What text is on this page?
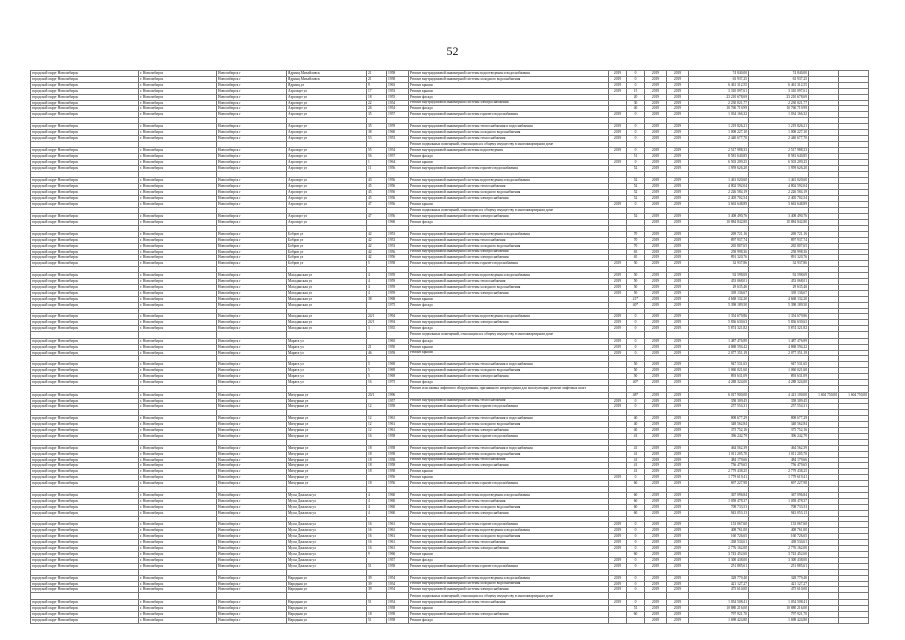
52
городской округ Новосибирск	г. Новосибирск	Новосибирск г	Ядринц.Михайловск	21	1958	Ремонт внутридомовой инженерной системы водоотведения и водоснабжения	2019	0	2019	2019	74 840,00	74 840,00		
городской округ Новосибирск	г. Новосибирск	Новосибирск г	Ядринц.Михайловск	21	1958	Ремонт внутридомовой инженерной системы холодного водоснабжения	2019	0	2019	2019	63 937,25	63 937,25		
городской округ Новосибирск	г. Новосибирск	Новосибирск г	Ядринц.ул	9	1963	Ремонт крыши	2019	0	2019	2019	6 461 312,55	6 461 312,55		
городской округ Новосибирск	г. Новосибирск	Новосибирск г	Аэропорт ул	17	1953	Ремонт крыши	2019	15	2019	2019	3 310 097,61	3 310 097,61		
городской округ Новосибирск	г. Новосибирск	Новосибирск г	Аэропорт ул	18	1955	Ремонт фасада		20	2019	2019	23 210 678,69	23 210 678,69		
городской округ Новосибирск	г. Новосибирск	Новосибирск г	Аэропорт ул	22	1954	Ремонт внутридомовой инженерной системы электроснабжения		30	2019	2019	2 230 021,77	2 230 021,77		
городской округ Новосибирск	г. Новосибирск	Новосибирск г	Аэропорт ул	26	1954	Ремонт фасада		40	2019	2019	10 760 719,99	10 760 719,99		
городской округ Новосибирск	г. Новосибирск	Новосибирск г	Аэропорт ул	35	1957	Ремонт внутридомовой инженерной системы горячего водоснабжения	2019	0	2019	2019	1 034 166,32	1 034 166,32		

городской округ Новосибирск	г. Новосибирск	Новосибирск г	Аэропорт ул	35	1959	Ремонт внутридомовой инженерной системы теплоснабжения и водоснабжения	2019	0	2019	2019	1 219 826,21	1 219 826,21		
городской округ Новосибирск	г. Новосибирск	Новосибирск г	Аэропорт ул	38	1960	Ремонт внутридомовой инженерной системы холодного водоснабжения	2019	0	2019	2019	1 008 227,10	1 008 227,10		
городской округ Новосибирск	г. Новосибирск	Новосибирск г	Аэропорт ул	53	1953	Ремонт внутридомовой инженерной системы теплоснабжения	2019	0	2019	2019	2 440 677,70	2 440 677,70		
						Ремонт подвальных помещений, относящихся к общему имуществу в многоквартирном доме								
городской округ Новосибирск	г. Новосибирск	Новосибирск г	Аэропорт ул	55	1954	Ремонт внутридомовой инженерной системы водоотведения	2019	0	2019	2019	2 517 988,33	2 517 988,33		
городской округ Новосибирск	г. Новосибирск	Новосибирск г	Аэропорт ул	56	1957	Ремонт фасада		51	2019	2019	8 581 640,85	8 581 640,85		
городской округ Новосибирск	г. Новосибирск	Новосибирск г	Аэропорт ул	1	1964	Ремонт крыши	2019	0	2019	2019	6 503 209,25	6 503 209,25		
городской округ Новосибирск	г. Новосибирск	Новосибирск г	Аэропорт ул	11	1956	Ремонт внутридомовой инженерной системы горячего водоснабжения		52	2019	2019	1 959 626,20	1 959 626,20		

городской округ Новосибирск	г. Новосибирск	Новосибирск г	Аэропорт ул	43	1956	Ремонт внутридомовой инженерной системы водоотведения и водоснабжения		52	2019	2019	1 461 020,60	1 461 020,60		
городской округ Новосибирск	г. Новосибирск	Новосибирск г	Аэропорт ул	45	1956	Ремонт внутридомовой инженерной системы теплоснабжения		52	2019	2019	4 802 592,04	4 802 592,04		
городской округ Новосибирск	г. Новосибирск	Новосибирск г	Аэропорт ул	45	1956	Ремонт внутридомовой инженерной системы холодного водоснабжения		52	2019	2019	2 226 584,19	2 226 584,19		
городской округ Новосибирск	г. Новосибирск	Новосибирск г	Аэропорт ул	45	1956	Ремонт внутридомовой инженерной системы электроснабжения		52	2019	2019	2 405 702,54	2 405 702,54		
городской округ Новосибирск	г. Новосибирск	Новосибирск г	Аэропорт ул	47	1956	Ремонт крыши	2019	0	2019	2019	3 663 648,89	3 663 648,89		
						Ремонт подвальных помещений, относящихся к общему имуществу в многоквартирном доме								
городской округ Новосибирск	г. Новосибирск	Новосибирск г	Аэропорт ул	47	1956	Ремонт внутридомовой инженерной системы электроснабжения		52	2019	2019	3 408 490,76	3 408 490,76		
городской округ Новосибирск	г. Новосибирск	Новосибирск г	Аэропорт ул		1960	Ремонт фасада			2019	2019	10 884 842,80	10 884 842,80		

городской округ Новосибирск	г. Новосибирск	Новосибирск г	Бобров ул	42	1953	Ремонт внутридомовой инженерной системы водоотведения и водоснабжения		70	2019	2019	269 721,16	269 721,16		
городской округ Новосибирск	г. Новосибирск	Новосибирск г	Бобров ул	42	1953	Ремонт внутридомовой инженерной системы теплоснабжения		70	2019	2019	897 937,74	897 937,74		
городской округ Новосибирск	г. Новосибирск	Новосибирск г	Бобров ул	42	1953	Ремонт внутридомовой инженерной системы холодного водоснабжения		70	2019	2019	265 807,65	265 807,65		
городской округ Новосибирск	г. Новосибирск	Новосибирск г	Бобров ул	42	1956	Ремонт внутридомовой инженерной системы электроснабжения		65	2019	2019	258 998,36	258 998,36		
городской округ Новосибирск	г. Новосибирск	Новосибирск г	Бобров ул	42	1956	Ремонт внутридомовой инженерной системы электроснабжения		65	2019	2019	891 320,76	891 320,76		
городской округ Новосибирск	г. Новосибирск	Новосибирск г	Бобров ул	5	1958	Ремонт внутридомовой инженерной системы горячего водоснабжения	2019	50	2019	2019	32 937,86	32 937,86		

городской округ Новосибирск	г. Новосибирск	Новосибирск г	Магаданская ул	4	1959	Ремонт внутридомовой инженерной системы водоотведения и водоснабжения	2019	50	2019	2019	92 598,69	92 598,69		
городской округ Новосибирск	г. Новосибирск	Новосибирск г	Магаданская ул	4	1959	Ремонт внутридомовой инженерной системы теплоснабжения	2019	50	2019	2019	453 068,01	453 068,01		
городской округ Новосибирск	г. Новосибирск	Новосибирск г	Магаданская ул	4	1959	Ремонт внутридомовой инженерной системы холодного водоснабжения	2019	50	2019	2019	29 635,46	29 635,46		
городской округ Новосибирск	г. Новосибирск	Новосибирск г	Магаданская ул	4	1959	Ремонт внутридомовой инженерной системы электроснабжения	2019	50	2019	2019	339 136,67	339 136,67		
городской округ Новосибирск	г. Новосибирск	Новосибирск г	Магаданская ул	38	1968	Ремонт крыши		21*	2019	2019	4 668 132,20	4 668 132,20		
городской округ Новосибирск	г. Новосибирск	Новосибирск г	Магаданская ул		1975	Ремонт фасада		40*	2019	2019	5 398 189,50	5 398 189,50		

городской округ Новосибирск	г. Новосибирск	Новосибирск г	Магаданская ул	24/1	1994	Ремонт внутридомовой инженерной системы водоотведения и водоснабжения	2019	0	2019	2019	1 354 679,86	1 354 679,86		
городской округ Новосибирск	г. Новосибирск	Новосибирск г	Магаданская ул	24/1	1994	Ремонт внутридомовой инженерной системы электроснабжения	2019	0	2019	2019	5 836 630,63	5 836 630,63		
городской округ Новосибирск	г. Новосибирск	Новосибирск г	Магаданская ул	3	1935	Ремонт фасада	2019	0	2019	2019	5 874 321,82	5 874 321,82		
						Ремонт подвальных помещений, относящихся к общему имуществу в многоквартирном доме								
городской округ Новосибирск	г. Новосибирск	Новосибирск г	Марата ул		1965	Ремонт фасада	2019	0	2019	2019	1 487 476,89	1 487 476,89		
городской округ Новосибирск	г. Новосибирск	Новосибирск г	Марата ул	21	1950	Ремонт крыши	2019	0	2019	2019	4 868 594,42	4 868 594,42		
городской округ Новосибирск	г. Новосибирск	Новосибирск г	Марата ул	46	1959	Ремонт крыши	2019	0	2019	2019	2 077 351,19	2 077 351,19		

городской округ Новосибирск	г. Новосибирск	Новосибирск г	Марата ул	5	1969	Ремонт внутридомовой инженерной системы теплоснабжения и водоснабжения		50	2019	2019	947 531,65	947 531,65		
городской округ Новосибирск	г. Новосибирск	Новосибирск г	Марата ул	5	1969	Ремонт внутридомовой инженерной системы холодного водоснабжения		50	2019	2019	1 060 021,60	1 060 021,60		
городской округ Новосибирск	г. Новосибирск	Новосибирск г	Марата ул	5	1969	Ремонт внутридомовой инженерной системы электроснабжения		50	2019	2019	893 631,09	893 631,09		
городской округ Новосибирск	г. Новосибирск	Новосибирск г	Марата ул	16	1975	Ремонт фасада		40*	2019	2019	4 288 324,00	4 288 324,00		
						Ремонт или замена лифтового оборудования, признанного непригодным для эксплуатации, ремонт лифтовых шахт								
городской округ Новосибирск	г. Новосибирск	Новосибирск г	Мичурина ул	20/1	1996			48*	2019	2019	6 017 900,00	4 413 100,00	1 604 750,00	1 604 750,00
городской округ Новосибирск	г. Новосибирск	Новосибирск г	Мичурина ул		1957	Ремонт внутридомовой инженерной системы теплоснабжения	2019	0	2019	2019	358 309,45	358 309,45		
городской округ Новосибирск	г. Новосибирск	Новосибирск г	Мичурина ул	12	1958	Ремонт внутридомовой инженерной системы горячего водоснабжения	2019	0	2019	2019	257 554,31	257 554,31		

городской округ Новосибирск	г. Новосибирск	Новосибирск г	Мичурина ул	12	1961	Ремонт внутридомовой инженерной системы теплоснабжения и водоснабжения		40	2019	2019	808 677,29	808 677,29		
городской округ Новосибирск	г. Новосибирск	Новосибирск г	Мичурина ул	12	1961	Ремонт внутридомовой инженерной системы холодного водоснабжения		40	2019	2019	348 562,84	348 562,84		
городской округ Новосибирск	г. Новосибирск	Новосибирск г	Мичурина ул	12	1961	Ремонт внутридомовой инженерной системы электроснабжения		40	2019	2019	375 752,16	375 752,16		
городской округ Новосибирск	г. Новосибирск	Новосибирск г	Мичурина ул	16	1958	Ремонт внутридомовой инженерной системы горячего водоснабжения		41	2019	2019	396 242,79	396 242,79		

городской округ Новосибирск	г. Новосибирск	Новосибирск г	Мичурина ул	18	1958	Ремонт внутридомовой инженерной системы теплоснабжения и водоснабжения		41	2019	2019	464 562,39	464 562,39		
городской округ Новосибирск	г. Новосибирск	Новосибирск г	Мичурина ул	18	1958	Ремонт внутридомовой инженерной системы холодного водоснабжения		41	2019	2019	1 011 205,70	1 011 205,70		
городской округ Новосибирск	г. Новосибирск	Новосибирск г	Мичурина ул	18	1958	Ремонт внутридомовой инженерной системы теплоснабжения		41	2019	2019	484 179,66	484 179,66		
городской округ Новосибирск	г. Новосибирск	Новосибирск г	Мичурина ул	18	1958	Ремонт внутридомовой инженерной системы электроснабжения		41	2019	2019	756 479,65	756 479,65		
городской округ Новосибирск	г. Новосибирск	Новосибирск г	Мичурина ул	18	1958	Ремонт крыши		41	2019	2019	2 779 438,25	2 779 438,25		
городской округ Новосибирск	г. Новосибирск	Новосибирск г	Мичурина ул		1956	Ремонт крыши	2019	0	2019	2019	1 779 619,41	1 779 619,41		
городской округ Новосибирск	г. Новосибирск	Новосибирск г	Мичурина ул	18	1956	Ремонт внутридомовой инженерной системы горячего водоснабжения		60	2019	2019	697 227,98	697 227,98		

городской округ Новосибирск	г. Новосибирск	Новосибирск г	Мусы Джалиля ул	4	1960	Ремонт внутридомовой инженерной системы водоотведения и водоснабжения		60	2019	2019	367 096,84	367 096,84		
городской округ Новосибирск	г. Новосибирск	Новосибирск г	Мусы Джалиля ул	4	1960	Ремонт внутридомовой инженерной системы теплоснабжения		60	2019	2019	1 058 478,37	1 058 478,37		
городской округ Новосибирск	г. Новосибирск	Новосибирск г	Мусы Джалиля ул	4	1960	Ремонт внутридомовой инженерной системы холодного водоснабжения		60	2019	2019	708 733,53	708 733,53		
городской округ Новосибирск	г. Новосибирск	Новосибирск г	Мусы Джалиля ул	4	1960	Ремонт внутридомовой инженерной системы электроснабжения		60	2019	2019	943 053,13	943 053,13		

городской округ Новосибирск	г. Новосибирск	Новосибирск г	Мусы Джалиля ул	16	1961	Ремонт внутридомовой инженерной системы горячего водоснабжения	2019	0	2019	2019	153 067,60	153 067,60		
городской округ Новосибирск	г. Новосибирск	Новосибирск г	Мусы Джалиля ул	16	1961	Ремонт внутридомовой инженерной системы водоотведения и водоснабжения	2019	0	2019	2019	408 761,00	408 761,00		
городской округ Новосибирск	г. Новосибирск	Новосибирск г	Мусы Джалиля ул	16	1961	Ремонт внутридомовой инженерной системы холодного водоснабжения	2019	0	2019	2019	160 726,65	160 726,65		
городской округ Новосибирск	г. Новосибирск	Новосибирск г	Мусы Джалиля ул	16	1961	Ремонт внутридомовой инженерной системы теплоснабжения	2019	0	2019	2019	438 534,61	438 534,61		
городской округ Новосибирск	г. Новосибирск	Новосибирск г	Мусы Джалиля ул	16	1961	Ремонт внутридомовой инженерной системы электроснабжения	2019	0	2019	2019	2 776 162,00	2 776 162,00		
городской округ Новосибирск	г. Новосибирск	Новосибирск г	Мусы Джалиля ул	9	1960	Ремонт крыши		60	2019	2019	3 743 452,60	3 743 452,60		
городской округ Новосибирск	г. Новосибирск	Новосибирск г	Мусы Джалиля ул		1957	Ремонт фасада	2019	0	2019	2019	3 300 438,00	3 300 438,00		
городской округ Новосибирск	г. Новосибирск	Новосибирск г	Мусы Джалиля ул	51	1958	Ремонт внутридомовой инженерной системы горячего водоснабжения	2019	0	2019	2019	251 885,61	251 885,61		

городской округ Новосибирск	г. Новосибирск	Новосибирск г	Народная ул	39	1954	Ремонт внутридомовой инженерной системы водоотведения и водоснабжения	2019	0	2019	2019	328 779,40	328 779,40		
городской округ Новосибирск	г. Новосибирск	Новосибирск г	Народная ул	39	1954	Ремонт внутридомовой инженерной системы холодного водоснабжения	2019	0	2019	2019	421 127,27	421 127,27		
городской округ Новосибирск	г. Новосибирск	Новосибирск г	Народная ул	39	1954	Ремонт внутридомовой инженерной системы электроснабжения	2019	0	2019	2019	475 610,00	475 610,00		
						Ремонт подвальных помещений, относящихся к общему имуществу в многоквартирном доме								
городской округ Новосибирск	г. Новосибирск	Новосибирск г	Народная ул	51	1954	Ремонт внутридомовой инженерной системы теплоснабжения	2019	0	2019	2019	1 054 508,41	1 054 508,41		
городской округ Новосибирск	г. Новосибирск	Новосибирск г	Народная ул		1958	Ремонт крыши		51	2019	2019	10 880 216,00	10 880 216,00		
городской округ Новосибирск	г. Новосибирск	Новосибирск г	Народная ул	18	1958	Ремонт внутридомовой инженерной системы электроснабжения		60	2019	2019	797 921,70	797 921,70		
городской округ Новосибирск	г. Новосибирск	Новосибирск г	Народная ул	51	1958	Ремонт фасада			2019	2019	1 698 424,80	1 698 424,80		
